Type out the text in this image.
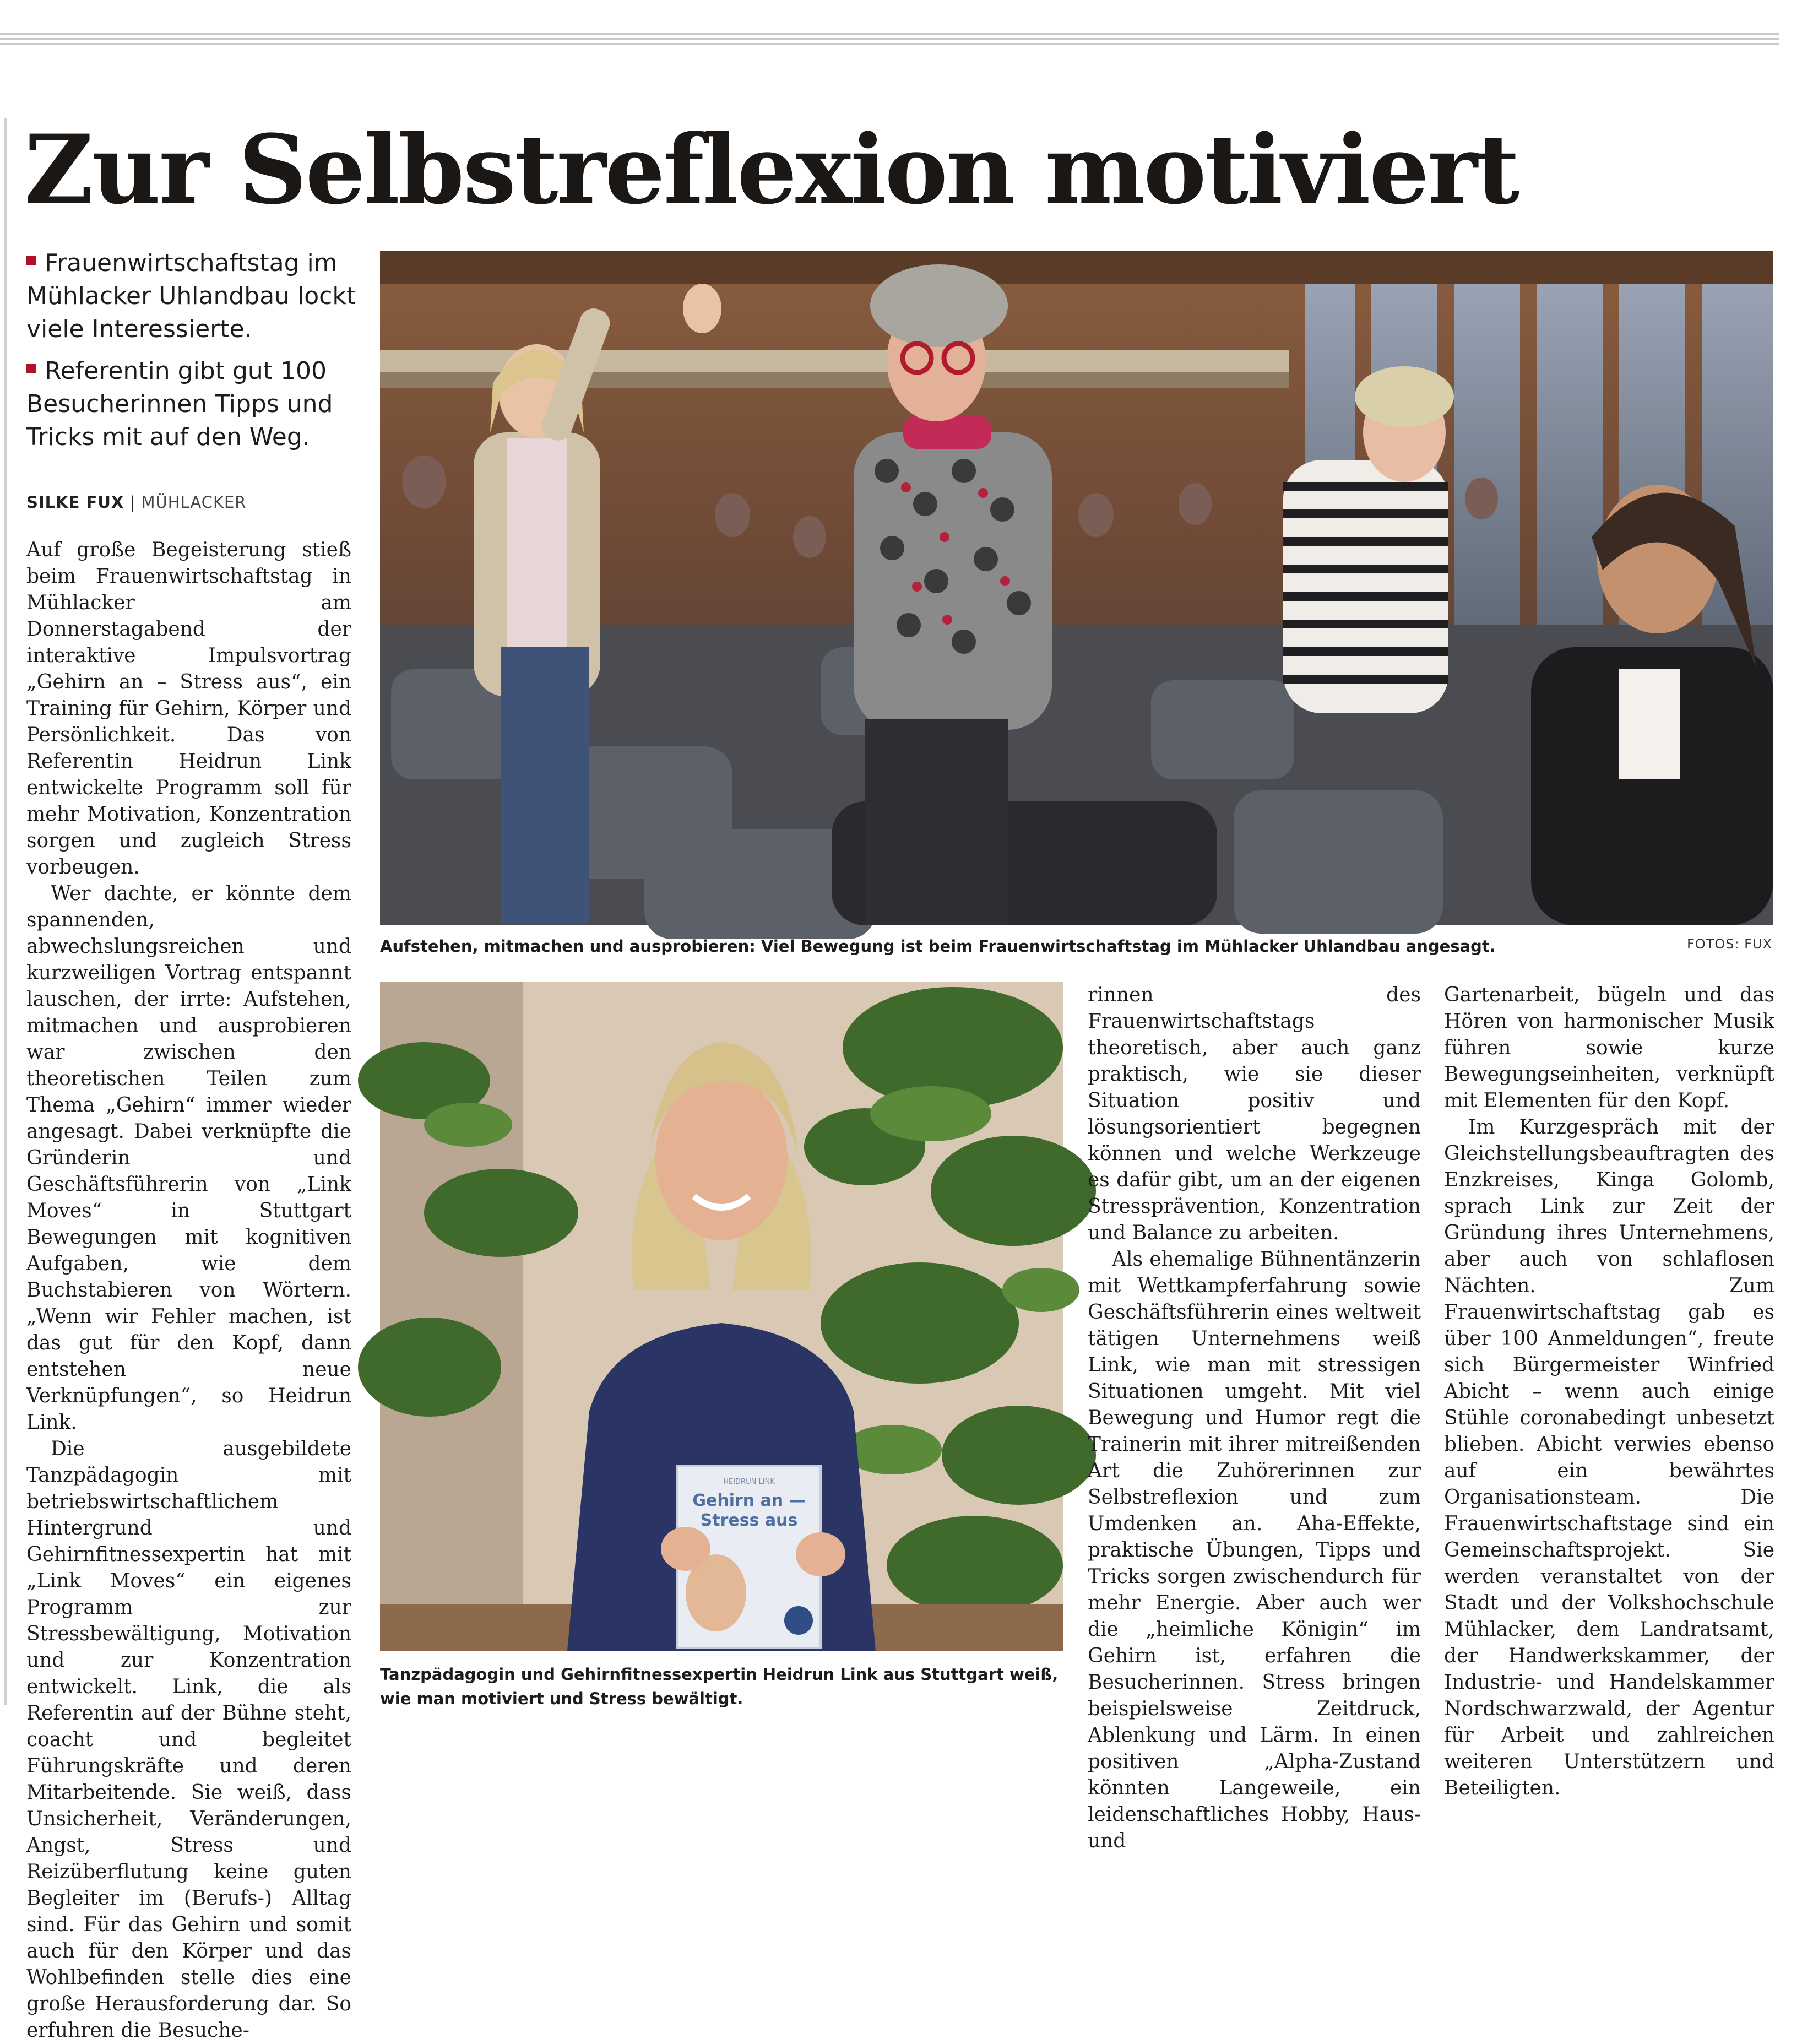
Zur Selbstreflexion motiviert
Frauenwirtschaftstag im Mühlacker Uhlandbau lockt viele Interessierte.
Referentin gibt gut 100 Besucherinnen Tipps und Tricks mit auf den Weg.
SILKE FUX | MÜHLACKER

Auf große Begeisterung stieß beim Frauenwirtschaftstag in Mühlacker am Donnerstagabend der interaktive Impulsvortrag „Gehirn an – Stress aus“, ein Training für Gehirn, Körper und Persönlichkeit. Das von Referentin Heidrun Link entwickelte Programm soll für mehr Motivation, Konzentration sorgen und zugleich Stress vorbeugen.

Wer dachte, er könnte dem spannenden, abwechslungsreichen und kurzweiligen Vortrag entspannt lauschen, der irrte: Aufstehen, mitmachen und ausprobieren war zwischen den theoretischen Teilen zum Thema „Gehirn“ immer wieder angesagt. Dabei verknüpfte die Gründerin und Geschäftsführerin von „Link Moves“ in Stuttgart Bewegungen mit kognitiven Aufgaben, wie dem Buchstabieren von Wörtern. „Wenn wir Fehler machen, ist das gut für den Kopf, dann entstehen neue Verknüpfungen“, so Heidrun Link.

Die ausgebildete Tanzpädagogin mit betriebswirtschaftlichem Hintergrund und Gehirnfitnessexpertin hat mit „Link Moves“ ein eigenes Programm zur Stressbewältigung, Motivation und zur Konzentration entwickelt. Link, die als Referentin auf der Bühne steht, coacht und begleitet Führungskräfte und deren Mitarbeitende. Sie weiß, dass Unsicherheit, Veränderungen, Angst, Stress und Reizüberflutung keine guten Begleiter im (Berufs-) Alltag sind. Für das Gehirn und somit auch für den Körper und das Wohlbefinden stelle dies eine große Herausforderung dar. So erfuhren die Besuche-

Aufstehen, mitmachen und ausprobieren: Viel Bewegung ist beim Frauenwirtschaftstag im Mühlacker Uhlandbau angesagt.	FOTOS: FUX
HEIDRUN LINK
Gehirn an —
Stress aus
Tanzpädagogin und Gehirnfitnessexpertin Heidrun Link aus Stuttgart weiß, wie man motiviert und Stress bewältigt.

rinnen des Frauenwirtschaftstags theoretisch, aber auch ganz praktisch, wie sie dieser Situation positiv und lösungsorientiert begegnen können und welche Werkzeuge es dafür gibt, um an der eigenen Stressprävention, Konzentration und Balance zu arbeiten.

Als ehemalige Bühnentänzerin mit Wettkampferfahrung sowie Geschäftsführerin eines weltweit tätigen Unternehmens weiß Link, wie man mit stressigen Situationen umgeht. Mit viel Bewegung und Humor regt die Trainerin mit ihrer mitreißenden Art die Zuhörerinnen zur Selbstreflexion und zum Umdenken an. Aha-Effekte, praktische Übungen, Tipps und Tricks sorgen zwischendurch für mehr Energie. Aber auch wer die „heimliche Königin“ im Gehirn ist, erfahren die Besucherinnen. Stress bringen beispielsweise Zeitdruck, Ablenkung und Lärm. In einen positiven „Alpha-Zustand könnten Langeweile, ein leidenschaftliches Hobby, Haus- und

Gartenarbeit, bügeln und das Hören von harmonischer Musik führen sowie kurze Bewegungseinheiten, verknüpft mit Elementen für den Kopf.

Im Kurzgespräch mit der Gleichstellungsbeauftragten des Enzkreises, Kinga Golomb, sprach Link zur Zeit der Gründung ihres Unternehmens, aber auch von schlaflosen Nächten. Zum Frauenwirtschaftstag gab es über 100 Anmeldungen“, freute sich Bürgermeister Winfried Abicht – wenn auch einige Stühle coronabedingt unbesetzt blieben. Abicht verwies ebenso auf ein bewährtes Organisationsteam. Die Frauenwirtschaftstage sind ein Gemeinschaftsprojekt. Sie werden veranstaltet von der Stadt und der Volkshochschule Mühlacker, dem Landratsamt, der Handwerkskammer, der Industrie- und Handelskammer Nordschwarzwald, der Agentur für Arbeit und zahlreichen weiteren Unterstützern und Beteiligten.
